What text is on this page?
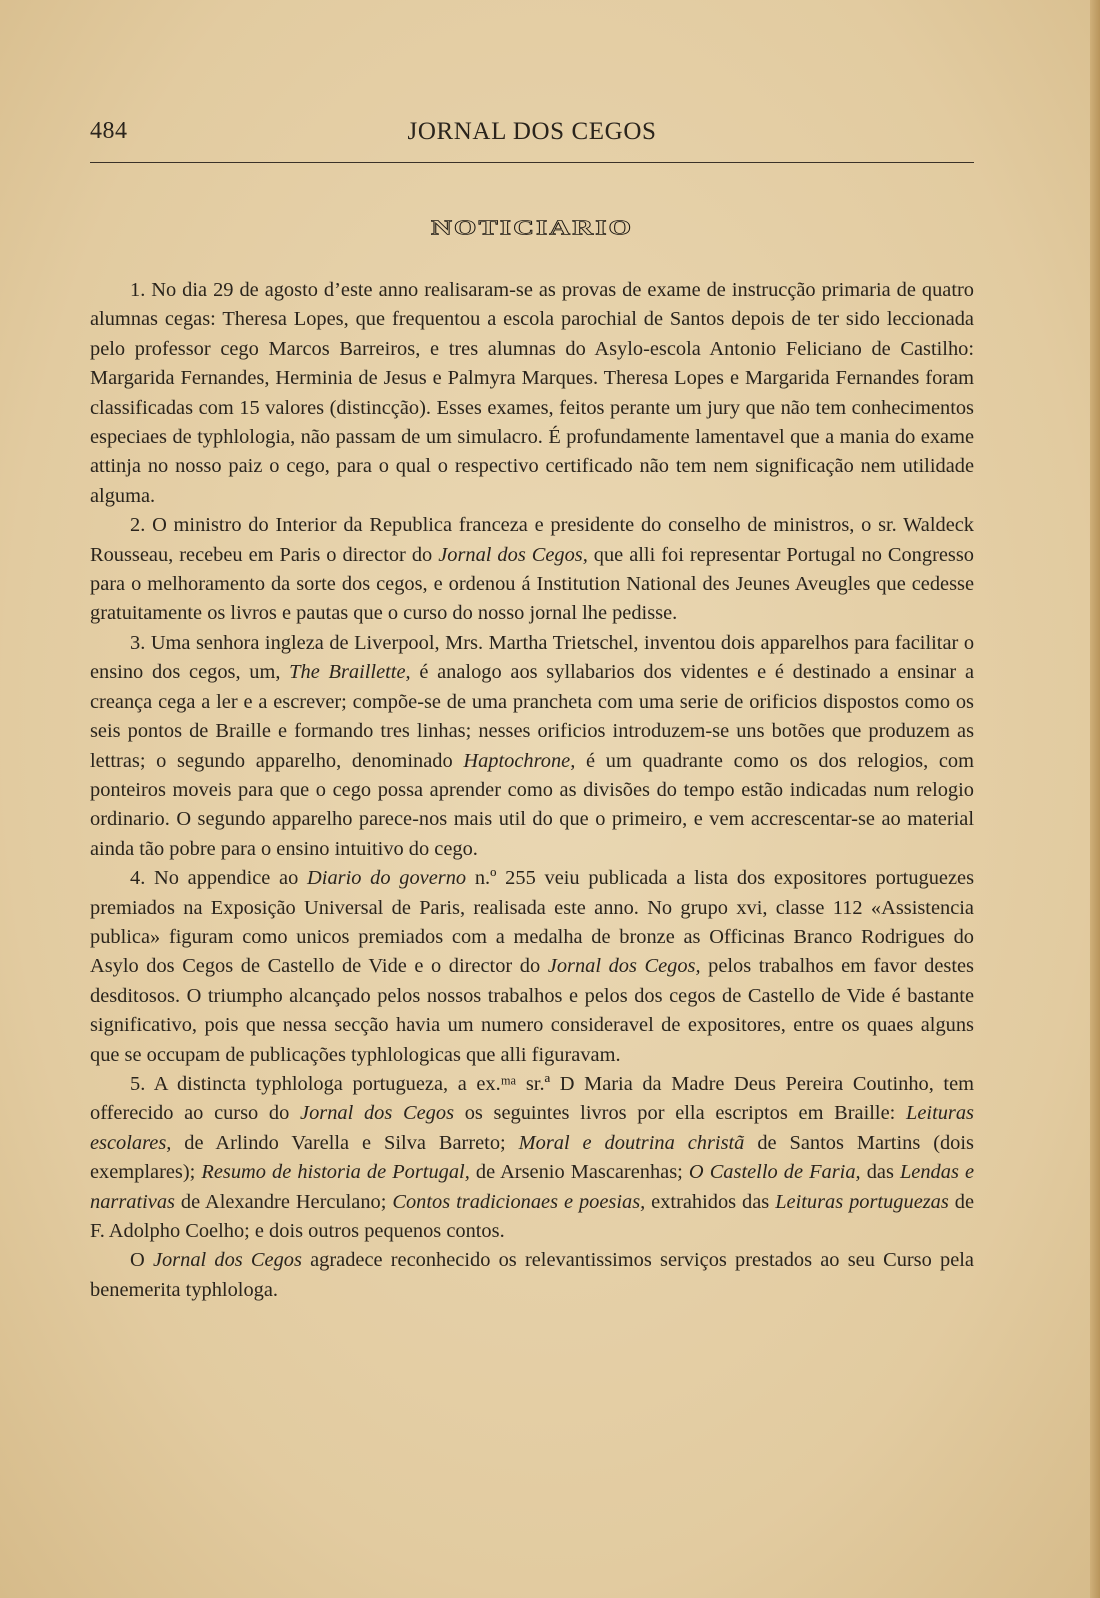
484	JORNAL DOS CEGOS
NOTICIARIO

1. No dia 29 de agosto d’este anno realisaram-se as provas de exame de instrucção primaria de quatro alumnas cegas: Theresa Lopes, que frequentou a escola parochial de Santos depois de ter sido leccionada pelo professor cego Marcos Barreiros, e tres alumnas do Asylo-escola Antonio Feliciano de Castilho: Margarida Fernandes, Herminia de Jesus e Palmyra Marques. Theresa Lopes e Margarida Fernandes foram classificadas com 15 valores (distincção). Esses exames, feitos perante um jury que não tem conhecimentos especiaes de typhlologia, não passam de um simulacro. É profundamente lamentavel que a mania do exame attinja no nosso paiz o cego, para o qual o respectivo certificado não tem nem significação nem utilidade alguma.

2. O ministro do Interior da Republica franceza e presidente do conselho de ministros, o sr. Waldeck Rousseau, recebeu em Paris o director do Jornal dos Cegos, que alli foi representar Portugal no Congresso para o melhoramento da sorte dos cegos, e ordenou á Institution National des Jeunes Aveugles que cedesse gratuitamente os livros e pautas que o curso do nosso jornal lhe pedisse.

3. Uma senhora ingleza de Liverpool, Mrs. Martha Trietschel, inventou dois apparelhos para facilitar o ensino dos cegos, um, The Braillette, é analogo aos syllabarios dos videntes e é destinado a ensinar a creança cega a ler e a escrever; compõe-se de uma prancheta com uma serie de orificios dispostos como os seis pontos de Braille e formando tres linhas; nesses orificios introduzem-se uns botões que produzem as lettras; o segundo apparelho, denominado Haptochrone, é um quadrante como os dos relogios, com ponteiros moveis para que o cego possa aprender como as divisões do tempo estão indicadas num relogio ordinario. O segundo apparelho parece-nos mais util do que o primeiro, e vem accrescentar-se ao material ainda tão pobre para o ensino intuitivo do cego.

4. No appendice ao Diario do governo n.º 255 veiu publicada a lista dos expositores portuguezes premiados na Exposição Universal de Paris, realisada este anno. No grupo xvi, classe 112 «Assistencia publica» figuram como unicos premiados com a medalha de bronze as Officinas Branco Rodrigues do Asylo dos Cegos de Castello de Vide e o director do Jornal dos Cegos, pelos trabalhos em favor destes desditosos. O triumpho alcançado pelos nossos trabalhos e pelos dos cegos de Castello de Vide é bastante significativo, pois que nessa secção havia um numero consideravel de expositores, entre os quaes alguns que se occupam de publicações typhlologicas que alli figuravam.

5. A distincta typhlologa portugueza, a ex.ᵐᵃ sr.ª D Maria da Madre Deus Pereira Coutinho, tem offerecido ao curso do Jornal dos Cegos os seguintes livros por ella escriptos em Braille: Leituras escolares, de Arlindo Varella e Silva Barreto; Moral e doutrina christã de Santos Martins (dois exemplares); Resumo de historia de Portugal, de Arsenio Mascarenhas; O Castello de Faria, das Lendas e narrativas de Alexandre Herculano; Contos tradicionaes e poesias, extrahidos das Leituras portuguezas de F. Adolpho Coelho; e dois outros pequenos contos.

O Jornal dos Cegos agradece reconhecido os relevantissimos serviços prestados ao seu Curso pela benemerita typhlologa.
